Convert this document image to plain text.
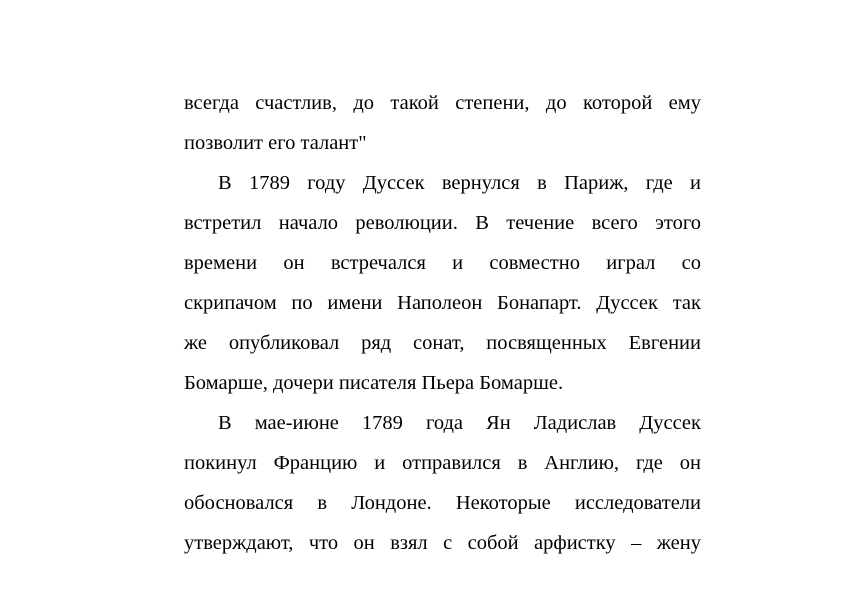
всегда счастлив, до такой степени, до которой ему
позволит его талант"
В 1789 году Дуссек вернулся в Париж, где и
встретил начало революции. В течение всего этого
времени он встречался и совместно играл со
скрипачом по имени Наполеон Бонапарт. Дуссек так
же опубликовал ряд сонат, посвященных Евгении
Бомарше, дочери писателя Пьера Бомарше.
В мае-июне 1789 года Ян Ладислав Дуссек
покинул Францию и отправился в Англию, где он
обосновался в Лондоне. Некоторые исследователи
утверждают, что он взял с собой арфистку – жену
